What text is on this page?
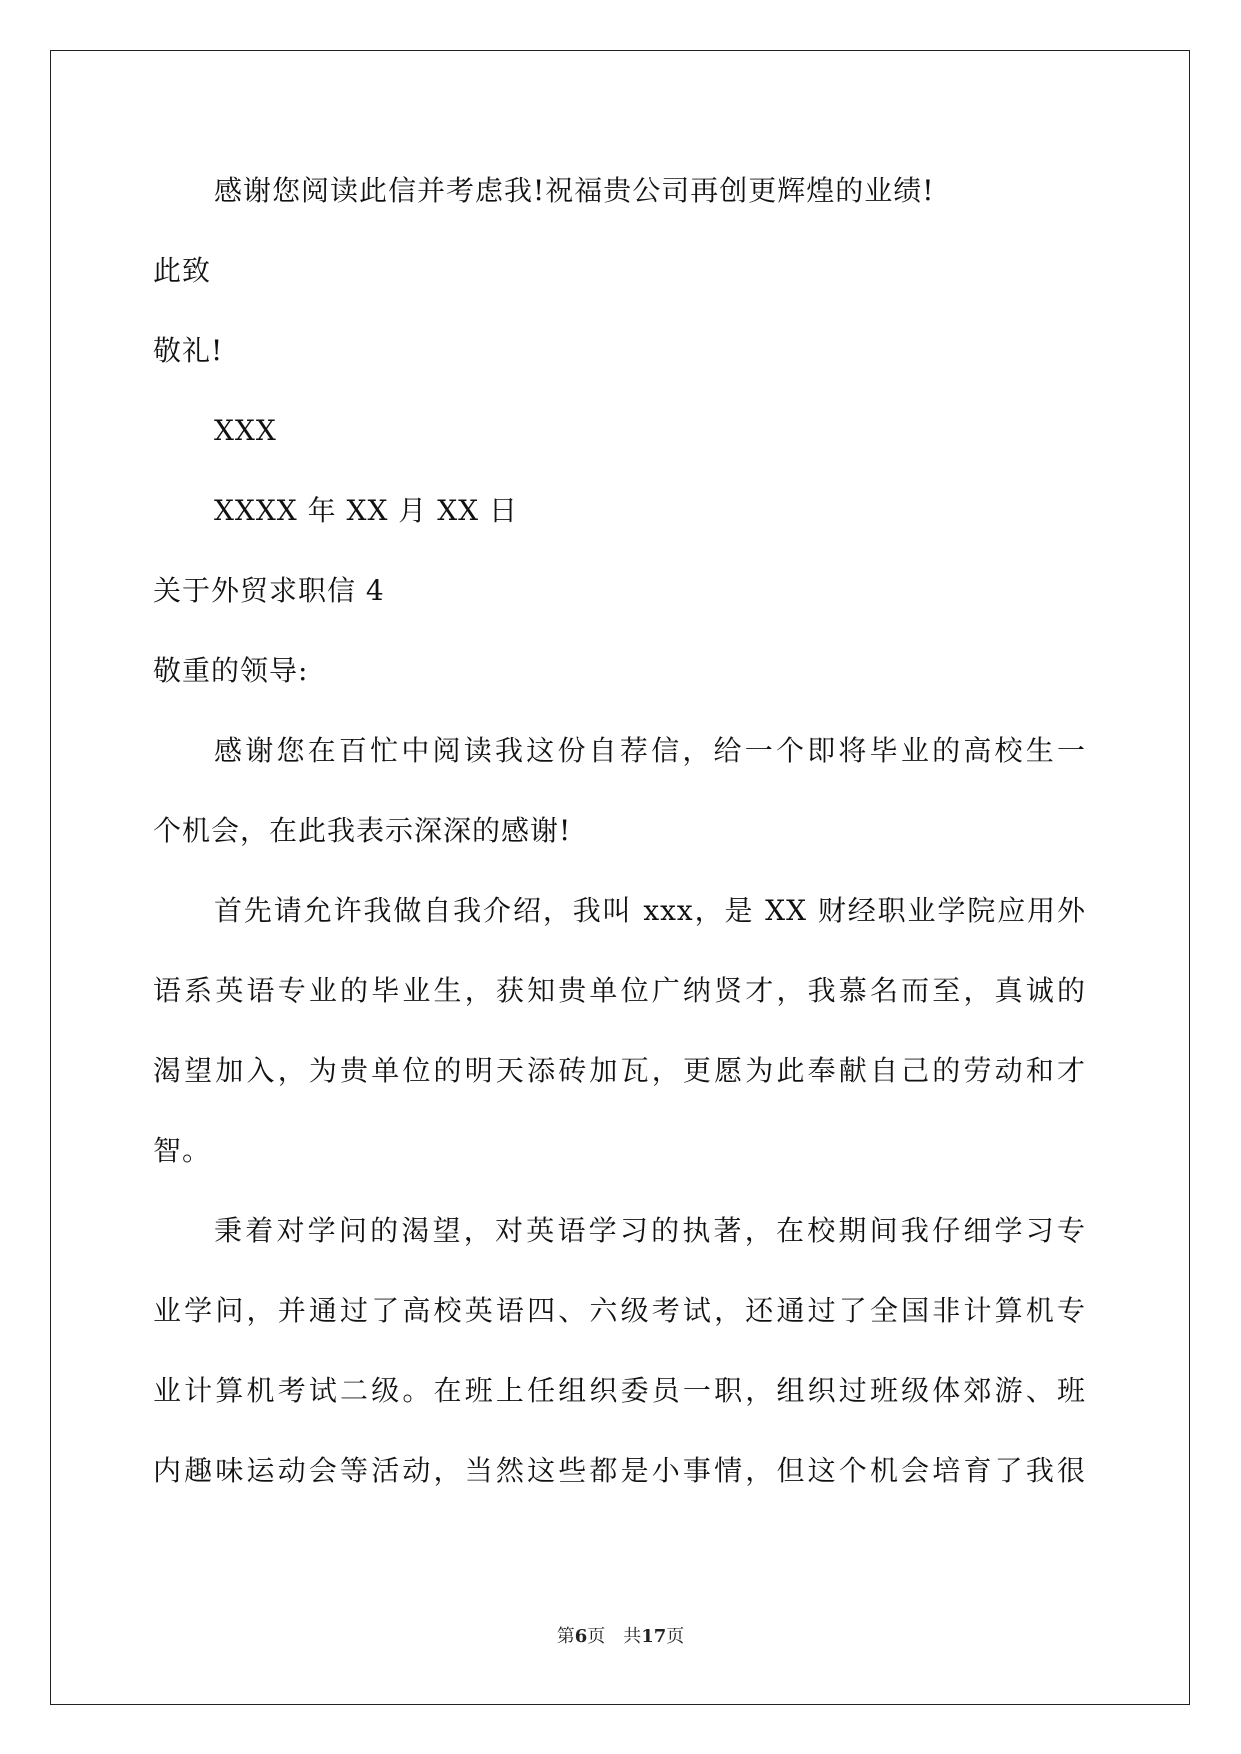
感谢您阅读此信并考虑我!祝福贵公司再创更辉煌的业绩!
此致
敬礼!
XXX
XXXX 年 XX 月 XX 日
关于外贸求职信 4
敬重的领导:
感谢您在百忙中阅读我这份自荐信，给一个即将毕业的高校生一
个机会，在此我表示深深的感谢!
首先请允许我做自我介绍，我叫 xxx，是 XX 财经职业学院应用外
语系英语专业的毕业生，获知贵单位广纳贤才，我慕名而至，真诚的
渴望加入，为贵单位的明天添砖加瓦，更愿为此奉献自己的劳动和才
智。
秉着对学问的渴望，对英语学习的执著，在校期间我仔细学习专
业学问，并通过了高校英语四、六级考试，还通过了全国非计算机专
业计算机考试二级。在班上任组织委员一职，组织过班级体郊游、班
内趣味运动会等活动，当然这些都是小事情，但这个机会培育了我很
第6页　共17页
